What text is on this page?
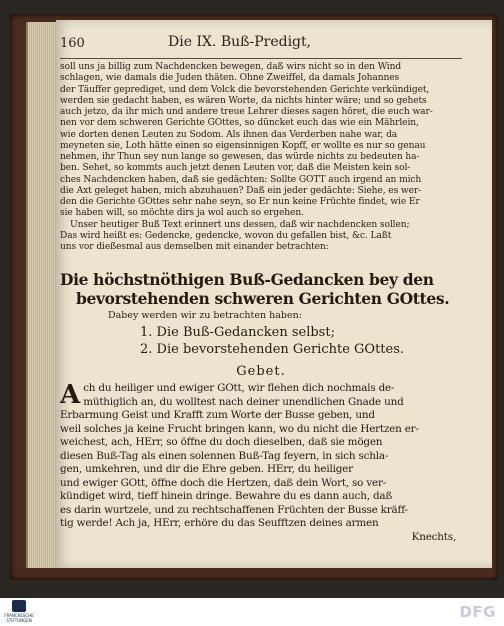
160	Die IX. Buß-Predigt,
soll uns ja billig zum Nachdencken bewegen, daß wirs nicht so in den Wind
schlagen, wie damals die Juden thäten. Ohne Zweiffel, da damals Johannes
der Täuffer geprediget, und dem Volck die bevorstehenden Gerichte verkündiget,
werden sie gedacht haben, es wären Worte, da nichts hinter wäre; und so gehets
auch jetzo, da ihr mich und andere treue Lehrer dieses sagen höret, die euch war-
nen vor dem schweren Gerichte GOttes, so düncket euch das wie ein Mährlein,
wie dorten denen Leuten zu Sodom. Als ihnen das Verderben nahe war, da
meyneten sie, Loth hätte einen so eigensinnigen Kopff, er wollte es nur so genau
nehmen, ihr Thun sey nun lange so gewesen, das würde nichts zu bedeuten ha-
ben. Sehet, so kommts auch jetzt denen Leuten vor, daß die Meisten kein sol-
ches Nachdencken haben, daß sie gedächten: Sollte GOTT auch irgend an mich
die Axt geleget haben, mich abzuhauen? Daß ein jeder gedächte: Siehe, es wer-
den die Gerichte GOttes sehr nahe seyn, so Er nun keine Früchte findet, wie Er
sie haben will, so möchte dirs ja wol auch so ergehen.
Unser heutiger Buß Text erinnert uns dessen, daß wir nachdencken sollen;
Das wird heißt es: Gedencke, gedencke, wovon du gefallen bist, &c. Laßt
uns vor dießesmal aus demselben mit einander betrachten:
Die höchstnöthigen Buß-Gedancken bey den
bevorstehenden schweren Gerichten GOttes.
Dabey werden wir zu betrachten haben:
1. Die Buß-Gedancken selbst;
2. Die bevorstehenden Gerichte GOttes.
Gebet.
A ch du heiliger und ewiger GOtt, wir flehen dich nochmals de-
müthiglich an, du wolltest nach deiner unendlichen Gnade und
Erbarmung Geist und Krafft zum Worte der Busse geben, und
weil solches ja keine Frucht bringen kann, wo du nicht die Hertzen er-
weichest, ach, HErr, so öffne du doch dieselben, daß sie mögen
diesen Buß-Tag als einen solennen Buß-Tag feyern, in sich schla-
gen, umkehren, und dir die Ehre geben. HErr, du heiliger
und ewiger GOtt, öffne doch die Hertzen, daß dein Wort, so ver-
kündiget wird, tieff hinein dringe. Bewahre du es dann auch, daß
es darin wurtzele, und zu rechtschaffenen Früchten der Busse kräff-
tig werde! Ach ja, HErr, erhöre du das Seufftzen deines armen
Knechts,
FRANCKESCHE STIFTUNGEN	DFG
